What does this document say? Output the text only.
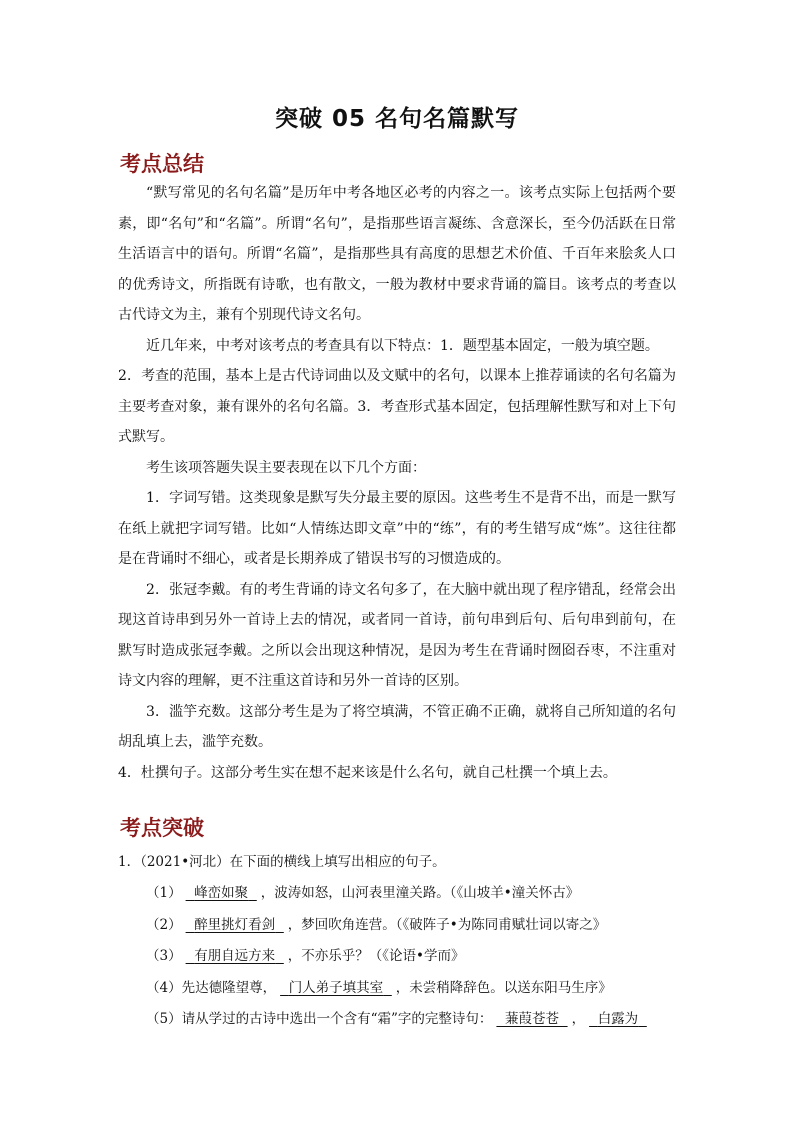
突破 05 名句名篇默写
考点总结

“默写常见的名句名篇”是历年中考各地区必考的内容之一。该考点实际上包括两个要素，即“名句”和“名篇”。所谓“名句”，是指那些语言凝练、含意深长，至今仍活跃在日常生活语言中的语句。所谓“名篇”，是指那些具有高度的思想艺术价值、千百年来脍炙人口的优秀诗文，所指既有诗歌，也有散文，一般为教材中要求背诵的篇目。该考点的考查以古代诗文为主，兼有个别现代诗文名句。

近几年来，中考对该考点的考查具有以下特点：1．题型基本固定，一般为填空题。

2．考查的范围，基本上是古代诗词曲以及文赋中的名句，以课本上推荐诵读的名句名篇为主要考查对象，兼有课外的名句名篇。3．考查形式基本固定，包括理解性默写和对上下句式默写。

考生该项答题失误主要表现在以下几个方面：

1．字词写错。这类现象是默写失分最主要的原因。这些考生不是背不出，而是一默写在纸上就把字词写错。比如“人情练达即文章”中的“练”，有的考生错写成“炼”。这往往都是在背诵时不细心，或者是长期养成了错误书写的习惯造成的。

2．张冠李戴。有的考生背诵的诗文名句多了，在大脑中就出现了程序错乱，经常会出现这首诗串到另外一首诗上去的情况，或者同一首诗，前句串到后句、后句串到前句，在默写时造成张冠李戴。之所以会出现这种情况，是因为考生在背诵时囫囵吞枣，不注重对诗文内容的理解，更不注重这首诗和另外一首诗的区别。

3．滥竽充数。这部分考生是为了将空填满，不管正确不正确，就将自己所知道的名句胡乱填上去，滥竽充数。

4．杜撰句子。这部分考生实在想不起来该是什么名句，就自己杜撰一个填上去。

考点突破
1．（2021•河北）在下面的横线上填写出相应的句子。
（1） 峰峦如聚 ，波涛如怒，山河表里潼关路。（《山坡羊•潼关怀古》
（2） 醉里挑灯看剑 ，梦回吹角连营。（《破阵子•为陈同甫赋壮词以寄之》
（3） 有朋自远方来 ，不亦乐乎？（《论语•学而》
（4）先达德隆望尊， 门人弟子填其室 ，未尝稍降辞色。以送东阳马生序》
（5）请从学过的古诗中选出一个含有“霜”字的完整诗句： 蒹葭苍苍 ， 白露为
